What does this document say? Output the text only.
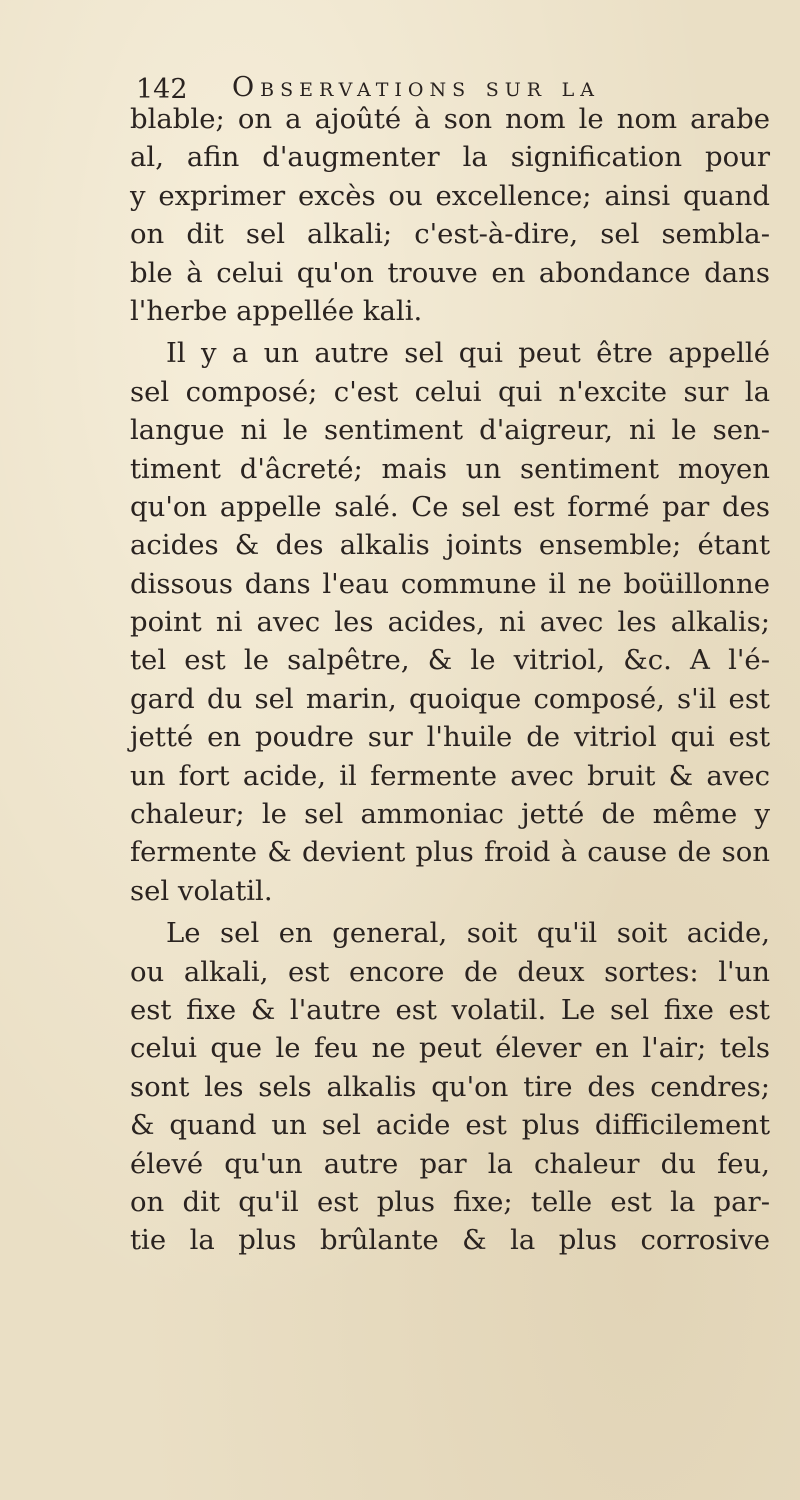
142 Observations sur la
blable; on a ajoûté à son nom le nom arabe
al, afin d'augmenter la signification pour
y exprimer excès ou excellence; ainsi quand
on dit sel alkali; c'est-à-dire, sel sembla-
ble à celui qu'on trouve en abondance dans
l'herbe appellée kali.
Il y a un autre sel qui peut être appellé
sel composé; c'est celui qui n'excite sur la
langue ni le sentiment d'aigreur, ni le sen-
timent d'âcreté; mais un sentiment moyen
qu'on appelle salé. Ce sel est formé par des
acides & des alkalis joints ensemble; étant
dissous dans l'eau commune il ne boüillonne
point ni avec les acides, ni avec les alkalis;
tel est le salpêtre, & le vitriol, &c. A l'é-
gard du sel marin, quoique composé, s'il est
jetté en poudre sur l'huile de vitriol qui est
un fort acide, il fermente avec bruit & avec
chaleur; le sel ammoniac jetté de même y
fermente & devient plus froid à cause de son
sel volatil.
Le sel en general, soit qu'il soit acide,
ou alkali, est encore de deux sortes: l'un
est fixe & l'autre est volatil. Le sel fixe est
celui que le feu ne peut élever en l'air; tels
sont les sels alkalis qu'on tire des cendres;
& quand un sel acide est plus difficilement
élevé qu'un autre par la chaleur du feu,
on dit qu'il est plus fixe; telle est la par-
tie la plus brûlante & la plus corrosive
